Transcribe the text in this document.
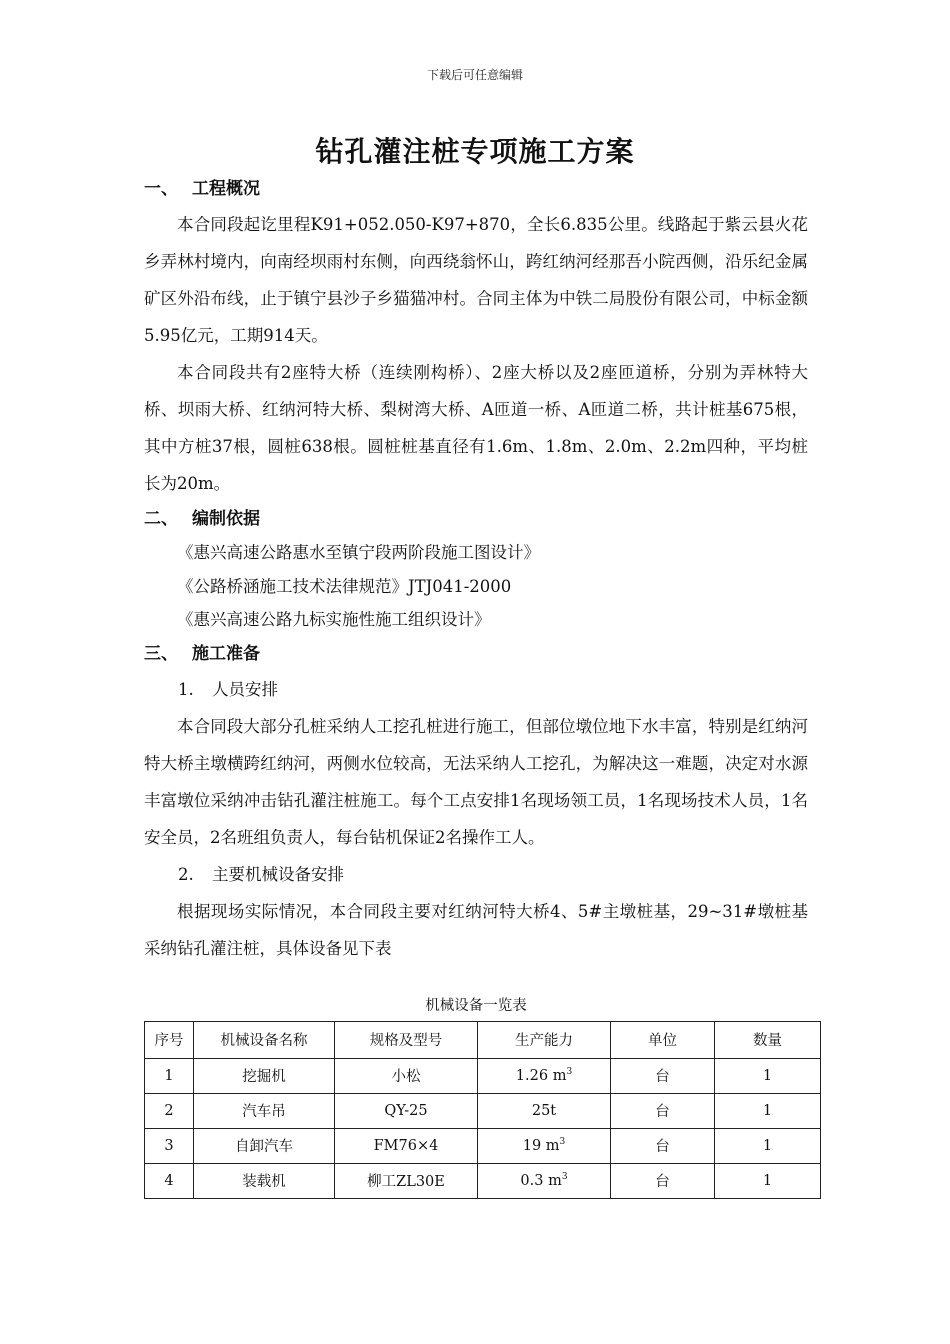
下载后可任意编辑
钻孔灌注桩专项施工方案
一、 工程概况

本合同段起讫里程K91+052.050-K97+870，全长6.835公里。线路起于紫云县火花乡弄林村境内，向南经坝雨村东侧，向西绕翁怀山，跨红纳河经那吾小院西侧，沿乐纪金属矿区外沿布线，止于镇宁县沙子乡猫猫冲村。合同主体为中铁二局股份有限公司，中标金额5.95亿元，工期914天。

本合同段共有2座特大桥（连续刚构桥）、2座大桥以及2座匝道桥，分别为弄林特大桥、坝雨大桥、红纳河特大桥、梨树湾大桥、A匝道一桥、A匝道二桥，共计桩基675根，其中方桩37根，圆桩638根。圆桩桩基直径有1.6m、1.8m、2.0m、2.2m四种，平均桩长为20m。

二、 编制依据
《惠兴高速公路惠水至镇宁段两阶段施工图设计》
《公路桥涵施工技术法律规范》JTJ041-2000
《惠兴高速公路九标实施性施工组织设计》
三、 施工准备
1. 人员安排

本合同段大部分孔桩采纳人工挖孔桩进行施工，但部位墩位地下水丰富，特别是红纳河特大桥主墩横跨红纳河，两侧水位较高，无法采纳人工挖孔，为解决这一难题，决定对水源丰富墩位采纳冲击钻孔灌注桩施工。每个工点安排1名现场领工员，1名现场技术人员，1名安全员，2名班组负责人，每台钻机保证2名操作工人。

2. 主要机械设备安排

根据现场实际情况，本合同段主要对红纳河特大桥4、5#主墩桩基，29~31#墩桩基采纳钻孔灌注桩，具体设备见下表

机械设备一览表
序号	机械设备名称	规格及型号	生产能力	单位	数量
1	挖掘机	小松	1.26 $m^3$	台	1
2	汽车吊	QY-25	25t	台	1
3	自卸汽车	FM76×4	19 $m^3$	台	1
4	装载机	柳工ZL30E	0.3 $m^3$	台	1
